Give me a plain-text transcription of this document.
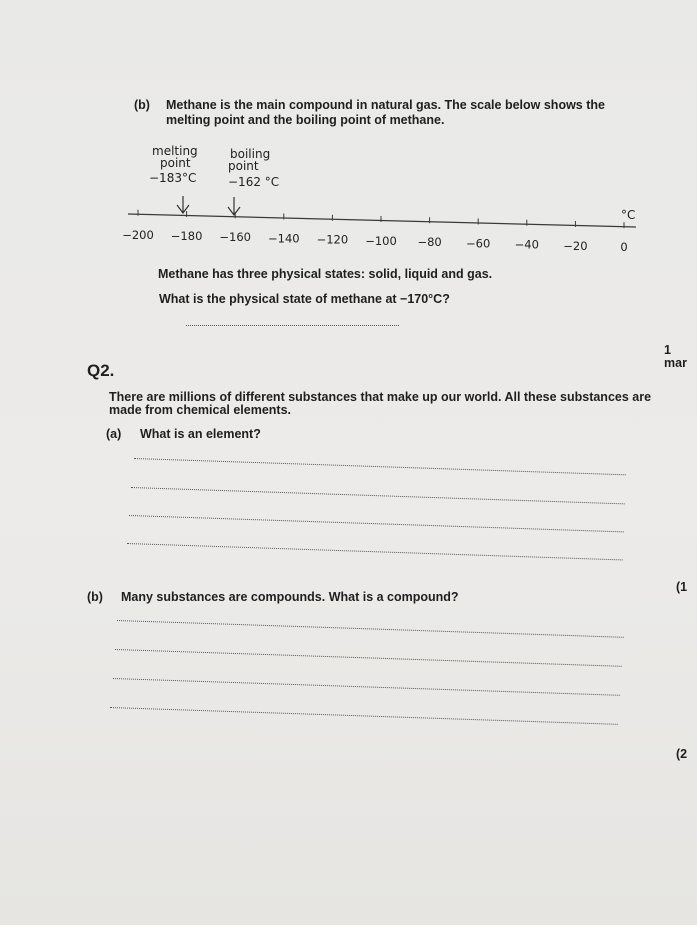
(b) Methane is the main compound in natural gas. The scale below shows the
melting point and the boiling point of methane.
melting
point
−183°C
boiling
point
−162 °C
°C
−200 −180 −160 −140 −120 −100 −80 −60 −40 −20	0
Methane has three physical states: solid, liquid and gas.
What is the physical state of methane at −170°C?
1 mar
Q2.
There are millions of different substances that make up our world. All these substances are
made from chemical elements.
(a) What is an element?
(1
(b) Many substances are compounds. What is a compound?
(2
